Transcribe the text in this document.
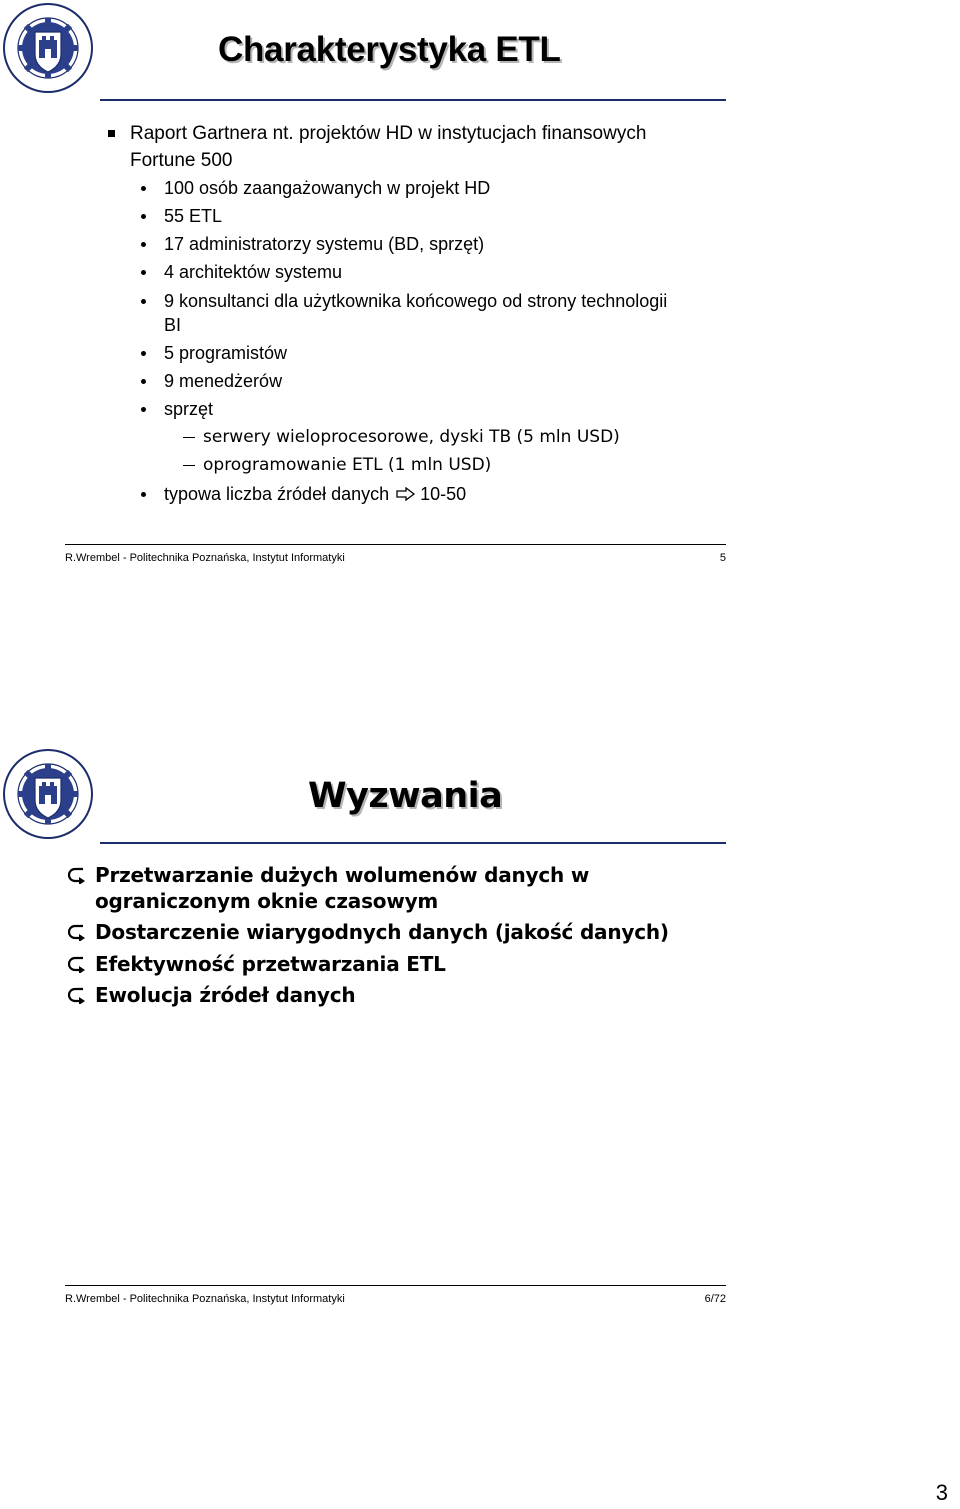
Charakterystyka ETL
Raport Gartnera nt. projektów HD w instytucjach finansowych Fortune 500
100 osób zaangażowanych w projekt HD
55 ETL
17 administratorzy systemu (BD, sprzęt)
4 architektów systemu
9 konsultanci dla użytkownika końcowego od strony technologii BI
5 programistów
9 menedżerów
sprzęt
serwery wieloprocesorowe, dyski TB (5 mln USD)
oprogramowanie ETL (1 mln USD)
typowa liczba źródeł danych 10-50
R.Wrembel - Politechnika Poznańska, Instytut Informatyki	5
Wyzwania
Przetwarzanie dużych wolumenów danych w ograniczonym oknie czasowym
Dostarczenie wiarygodnych danych (jakość danych)
Efektywność przetwarzania ETL
Ewolucja źródeł danych
R.Wrembel - Politechnika Poznańska, Instytut Informatyki	6/72
3
